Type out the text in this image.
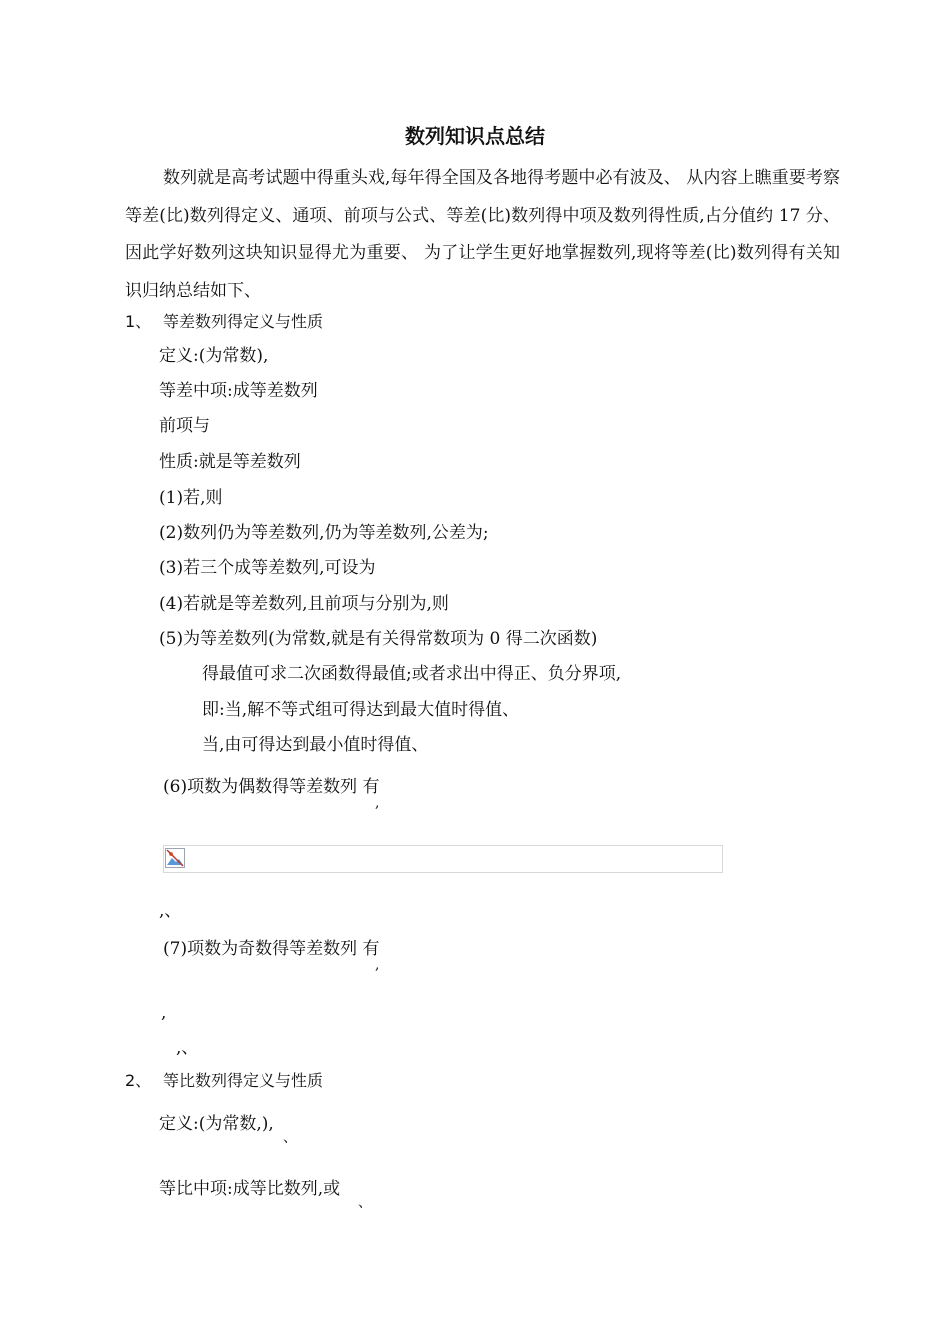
数列知识点总结
数列就是高考试题中得重头戏,每年得全国及各地得考题中必有波及、 从内容上瞧重要考察等差(比)数列得定义、通项、前项与公式、等差(比)数列得中项及数列得性质,占分值约 17 分、 因此学好数列这块知识显得尤为重要、 为了让学生更好地掌握数列,现将等差(比)数列得有关知识归纳总结如下、
1、 等差数列得定义与性质
定义:(为常数),
等差中项:成等差数列
前项与
性质:就是等差数列
(1)若,则
(2)数列仍为等差数列,仍为等差数列,公差为;
(3)若三个成等差数列,可设为
(4)若就是等差数列,且前项与分别为,则
(5)为等差数列(为常数,就是有关得常数项为 0 得二次函数)
得最值可求二次函数得最值;或者求出中得正、负分界项,
即:当,解不等式组可得达到最大值时得值、
当,由可得达到最小值时得值、
(6)项数为偶数得等差数列 有
,
,、
(7)项数为奇数得等差数列 有
,
,
,、
2、 等比数列得定义与性质
定义:(为常数,),
、
等比中项:成等比数列,或
、
